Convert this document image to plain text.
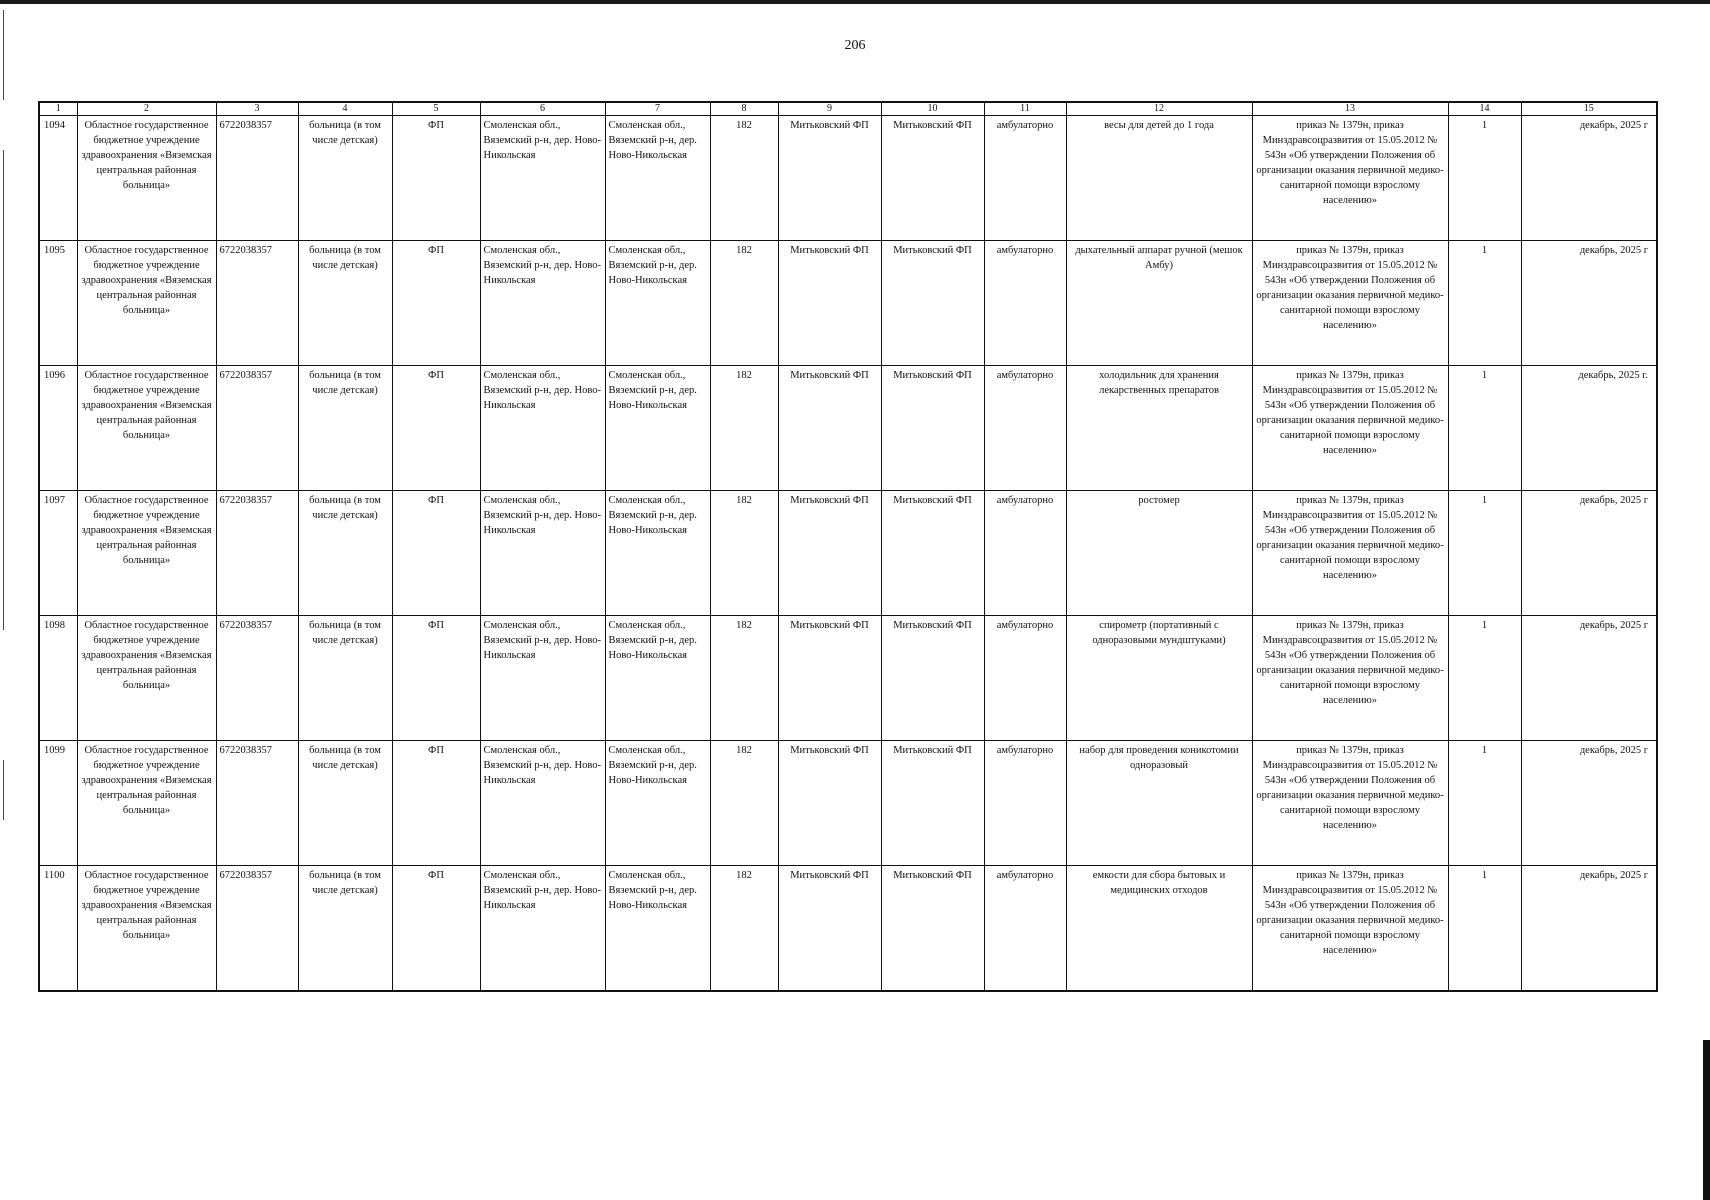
206
1	2	3	4	5	6	7	8	9	10	11	12	13	14	15
1094	Областное государственное бюджетное учреждение здравоохранения «Вяземская центральная районная больница»	6722038357	больница (в том числе детская)	ФП	Смоленская обл., Вяземский р-н, дер. Ново-Никольская	Смоленская обл., Вяземский р-н, дер. Ново-Никольская	182	Митьковский ФП	Митьковский ФП	амбулаторно	весы для детей до 1 года	приказ № 1379н, приказ Минздравсоцразвития от 15.05.2012 № 543н «Об утверждении Положения об организации оказания первичной медико-санитарной помощи взрослому населению»	1	декабрь, 2025 г
1095	Областное государственное бюджетное учреждение здравоохранения «Вяземская центральная районная больница»	6722038357	больница (в том числе детская)	ФП	Смоленская обл., Вяземский р-н, дер. Ново-Никольская	Смоленская обл., Вяземский р-н, дер. Ново-Никольская	182	Митьковский ФП	Митьковский ФП	амбулаторно	дыхательный аппарат ручной (мешок Амбу)	приказ № 1379н, приказ Минздравсоцразвития от 15.05.2012 № 543н «Об утверждении Положения об организации оказания первичной медико-санитарной помощи взрослому населению»	1	декабрь, 2025 г
1096	Областное государственное бюджетное учреждение здравоохранения «Вяземская центральная районная больница»	6722038357	больница (в том числе детская)	ФП	Смоленская обл., Вяземский р-н, дер. Ново-Никольская	Смоленская обл., Вяземский р-н, дер. Ново-Никольская	182	Митьковский ФП	Митьковский ФП	амбулаторно	холодильник для хранения лекарственных препаратов	приказ № 1379н, приказ Минздравсоцразвития от 15.05.2012 № 543н «Об утверждении Положения об организации оказания первичной медико-санитарной помощи взрослому населению»	1	декабрь, 2025 г.
1097	Областное государственное бюджетное учреждение здравоохранения «Вяземская центральная районная больница»	6722038357	больница (в том числе детская)	ФП	Смоленская обл., Вяземский р-н, дер. Ново-Никольская	Смоленская обл., Вяземский р-н, дер. Ново-Никольская	182	Митьковский ФП	Митьковский ФП	амбулаторно	ростомер	приказ № 1379н, приказ Минздравсоцразвития от 15.05.2012 № 543н «Об утверждении Положения об организации оказания первичной медико-санитарной помощи взрослому населению»	1	декабрь, 2025 г
1098	Областное государственное бюджетное учреждение здравоохранения «Вяземская центральная районная больница»	6722038357	больница (в том числе детская)	ФП	Смоленская обл., Вяземский р-н, дер. Ново-Никольская	Смоленская обл., Вяземский р-н, дер. Ново-Никольская	182	Митьковский ФП	Митьковский ФП	амбулаторно	спирометр (портативный с одноразовыми мундштуками)	приказ № 1379н, приказ Минздравсоцразвития от 15.05.2012 № 543н «Об утверждении Положения об организации оказания первичной медико-санитарной помощи взрослому населению»	1	декабрь, 2025 г
1099	Областное государственное бюджетное учреждение здравоохранения «Вяземская центральная районная больница»	6722038357	больница (в том числе детская)	ФП	Смоленская обл., Вяземский р-н, дер. Ново-Никольская	Смоленская обл., Вяземский р-н, дер. Ново-Никольская	182	Митьковский ФП	Митьковский ФП	амбулаторно	набор для проведения коникотомии одноразовый	приказ № 1379н, приказ Минздравсоцразвития от 15.05.2012 № 543н «Об утверждении Положения об организации оказания первичной медико-санитарной помощи взрослому населению»	1	декабрь, 2025 г
1100	Областное государственное бюджетное учреждение здравоохранения «Вяземская центральная районная больница»	6722038357	больница (в том числе детская)	ФП	Смоленская обл., Вяземский р-н, дер. Ново-Никольская	Смоленская обл., Вяземский р-н, дер. Ново-Никольская	182	Митьковский ФП	Митьковский ФП	амбулаторно	емкости для сбора бытовых и медицинских отходов	приказ № 1379н, приказ Минздравсоцразвития от 15.05.2012 № 543н «Об утверждении Положения об организации оказания первичной медико-санитарной помощи взрослому населению»	1	декабрь, 2025 г
